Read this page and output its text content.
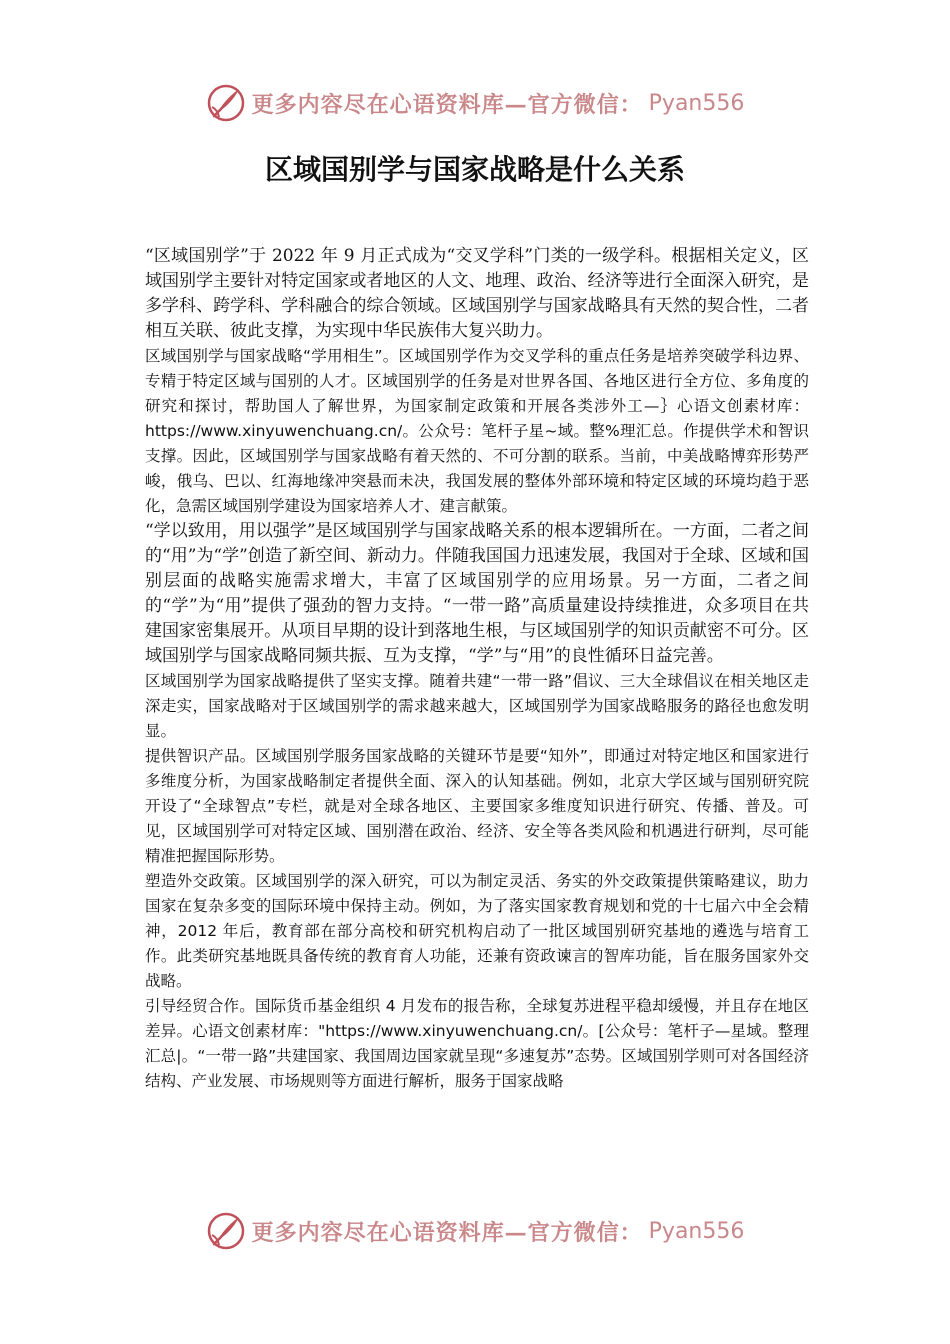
更多内容尽在心语资料库—官方微信： Pyan556
区域国别学与国家战略是什么关系

“区域国别学”于 2022 年 9 月正式成为“交叉学科”门类的一级学科。根据相关定义，区域国别学主要针对特定国家或者地区的人文、地理、政治、经济等进行全面深入研究，是多学科、跨学科、学科融合的综合领域。区域国别学与国家战略具有天然的契合性，二者相互关联、彼此支撑，为实现中华民族伟大复兴助力。

区域国别学与国家战略“学用相生”。区域国别学作为交叉学科的重点任务是培养突破学科边界、专精于特定区域与国别的人才。区域国别学的任务是对世界各国、各地区进行全方位、多角度的研究和探讨，帮助国人了解世界，为国家制定政策和开展各类涉外工—｝心语文创素材库：https://www.xinyuwenchuang.cn/。公众号：笔杆子星~域。整%理汇总。作提供学术和智识支撑。因此，区域国别学与国家战略有着天然的、不可分割的联系。当前，中美战略博弈形势严峻，俄乌、巴以、红海地缘冲突悬而未决，我国发展的整体外部环境和特定区域的环境均趋于恶化，急需区域国别学建设为国家培养人才、建言献策。

“学以致用，用以强学”是区域国别学与国家战略关系的根本逻辑所在。一方面，二者之间的“用”为“学”创造了新空间、新动力。伴随我国国力迅速发展，我国对于全球、区域和国别层面的战略实施需求增大，丰富了区域国别学的应用场景。另一方面，二者之间的“学”为“用”提供了强劲的智力支持。“一带一路”高质量建设持续推进，众多项目在共建国家密集展开。从项目早期的设计到落地生根，与区域国别学的知识贡献密不可分。区域国别学与国家战略同频共振、互为支撑，“学”与“用”的良性循环日益完善。

区域国别学为国家战略提供了坚实支撑。随着共建“一带一路”倡议、三大全球倡议在相关地区走深走实，国家战略对于区域国别学的需求越来越大，区域国别学为国家战略服务的路径也愈发明显。

提供智识产品。区域国别学服务国家战略的关键环节是要“知外”，即通过对特定地区和国家进行多维度分析，为国家战略制定者提供全面、深入的认知基础。例如，北京大学区域与国别研究院开设了“全球智点”专栏，就是对全球各地区、主要国家多维度知识进行研究、传播、普及。可见，区域国别学可对特定区域、国别潜在政治、经济、安全等各类风险和机遇进行研判，尽可能精准把握国际形势。

塑造外交政策。区域国别学的深入研究，可以为制定灵活、务实的外交政策提供策略建议，助力国家在复杂多变的国际环境中保持主动。例如，为了落实国家教育规划和党的十七届六中全会精神，2012 年后，教育部在部分高校和研究机构启动了一批区域国别研究基地的遴选与培育工作。此类研究基地既具备传统的教育育人功能，还兼有资政谏言的智库功能，旨在服务国家外交战略。

引导经贸合作。国际货币基金组织 4 月发布的报告称，全球复苏进程平稳却缓慢，并且存在地区差异。心语文创素材库："https://www.xinyuwenchuang.cn/。[公众号：笔杆子—星域。整理汇总|。“一带一路”共建国家、我国周边国家就呈现“多速复苏”态势。区域国别学则可对各国经济结构、产业发展、市场规则等方面进行解析，服务于国家战略

更多内容尽在心语资料库—官方微信： Pyan556
